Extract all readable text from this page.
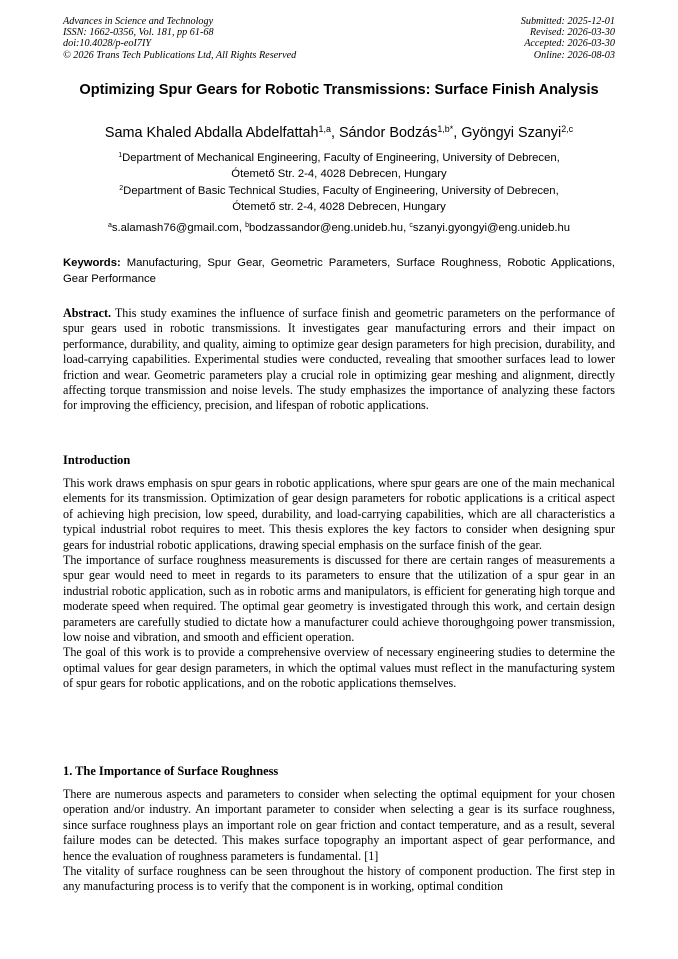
Advances in Science and Technology
ISSN: 1662-0356, Vol. 181, pp 61-68
doi:10.4028/p-eoI7IY
© 2026 Trans Tech Publications Ltd, All Rights Reserved
Submitted: 2025-12-01
Revised: 2026-03-30
Accepted: 2026-03-30
Online: 2026-08-03
Optimizing Spur Gears for Robotic Transmissions: Surface Finish Analysis
Sama Khaled Abdalla Abdelfattah$^{1,a}$, Sándor Bodzás$^{1,b*}$, Gyöngyi Szanyi$^{2,c}$
$^1$Department of Mechanical Engineering, Faculty of Engineering, University of Debrecen,
Ótemető Str. 2-4, 4028 Debrecen, Hungary
$^2$Department of Basic Technical Studies, Faculty of Engineering, University of Debrecen,
Ótemető str. 2-4, 4028 Debrecen, Hungary
$^a$s.alamash76@gmail.com, $^b$bodzassandor@eng.unideb.hu, $^c$szanyi.gyongyi@eng.unideb.hu
Keywords: Manufacturing, Spur Gear, Geometric Parameters, Surface Roughness, Robotic Applications, Gear Performance
Abstract. This study examines the influence of surface finish and geometric parameters on the performance of spur gears used in robotic transmissions. It investigates gear manufacturing errors and their impact on performance, durability, and quality, aiming to optimize gear design parameters for high precision, durability, and load-carrying capabilities. Experimental studies were conducted, revealing that smoother surfaces lead to lower friction and wear. Geometric parameters play a crucial role in optimizing gear meshing and alignment, directly affecting torque transmission and noise levels. The study emphasizes the importance of analyzing these factors for improving the efficiency, precision, and lifespan of robotic applications.
Introduction

This work draws emphasis on spur gears in robotic applications, where spur gears are one of the main mechanical elements for its transmission. Optimization of gear design parameters for robotic applications is a critical aspect of achieving high precision, low speed, durability, and load-carrying capabilities, which are all characteristics a typical industrial robot requires to meet. This thesis explores the key factors to consider when designing spur gears for industrial robotic applications, drawing special emphasis on the surface finish of the gear.

The importance of surface roughness measurements is discussed for there are certain ranges of measurements a spur gear would need to meet in regards to its parameters to ensure that the utilization of a spur gear in an industrial robotic application, such as in robotic arms and manipulators, is efficient for generating high torque and moderate speed when required. The optimal gear geometry is investigated through this work, and certain design parameters are carefully studied to dictate how a manufacturer could achieve thoroughgoing power transmission, low noise and vibration, and smooth and efficient operation.

The goal of this work is to provide a comprehensive overview of necessary engineering studies to determine the optimal values for gear design parameters, in which the optimal values must reflect in the manufacturing system of spur gears for robotic applications, and on the robotic applications themselves.

1. The Importance of Surface Roughness

There are numerous aspects and parameters to consider when selecting the optimal equipment for your chosen operation and/or industry. An important parameter to consider when selecting a gear is its surface roughness, since surface roughness plays an important role on gear friction and contact temperature, and as a result, several failure modes can be detected. This makes surface topography an important aspect of gear performance, and hence the evaluation of roughness parameters is fundamental. [1]

The vitality of surface roughness can be seen throughout the history of component production. The first step in any manufacturing process is to verify that the component is in working, optimal condition
